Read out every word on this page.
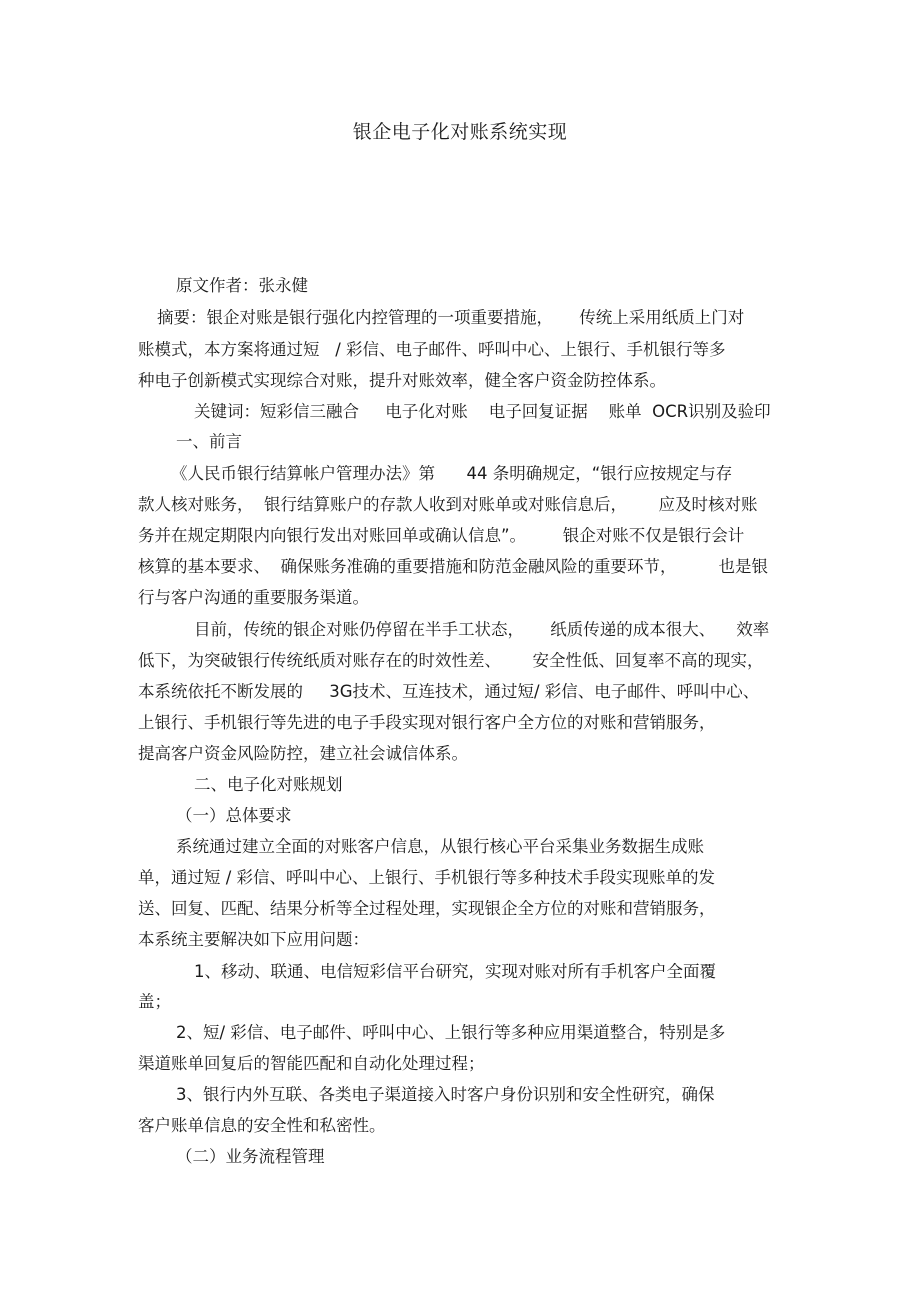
银企电子化对账系统实现
原文作者：张永健
摘要：银企对账是银行强化内控管理的一项重要措施，     传统上采用纸质上门对
账模式，本方案将通过短   / 彩信、电子邮件、呼叫中心、上银行、手机银行等多
种电子创新模式实现综合对账，提升对账效率，健全客户资金防控体系。
关键词：短彩信三融合     电子化对账    电子回复证据    账单  OCR识别及验印
一、前言
《人民币银行结算帐户管理办法》第      44 条明确规定，“银行应按规定与存
款人核对账务，  银行结算账户的存款人收到对账单或对账信息后，      应及时核对账
务并在规定期限内向银行发出对账回单或确认信息”。       银企对账不仅是银行会计
核算的基本要求、  确保账务准确的重要措施和防范金融风险的重要环节，        也是银
行与客户沟通的重要服务渠道。
目前，传统的银企对账仍停留在半手工状态，     纸质传递的成本很大、    效率
低下，为突破银行传统纸质对账存在的时效性差、      安全性低、回复率不高的现实，
本系统依托不断发展的     3G技术、互连技术，通过短/ 彩信、电子邮件、呼叫中心、
上银行、手机银行等先进的电子手段实现对银行客户全方位的对账和营销服务，
提高客户资金风险防控，建立社会诚信体系。
二、电子化对账规划
（一）总体要求
系统通过建立全面的对账客户信息，从银行核心平台采集业务数据生成账
单，通过短 / 彩信、呼叫中心、上银行、手机银行等多种技术手段实现账单的发
送、回复、匹配、结果分析等全过程处理，实现银企全方位的对账和营销服务，
本系统主要解决如下应用问题：
1、移动、联通、电信短彩信平台研究，实现对账对所有手机客户全面覆
盖；
2、短/ 彩信、电子邮件、呼叫中心、上银行等多种应用渠道整合，特别是多
渠道账单回复后的智能匹配和自动化处理过程；
3、银行内外互联、各类电子渠道接入时客户身份识别和安全性研究，确保
客户账单信息的安全性和私密性。
（二）业务流程管理
